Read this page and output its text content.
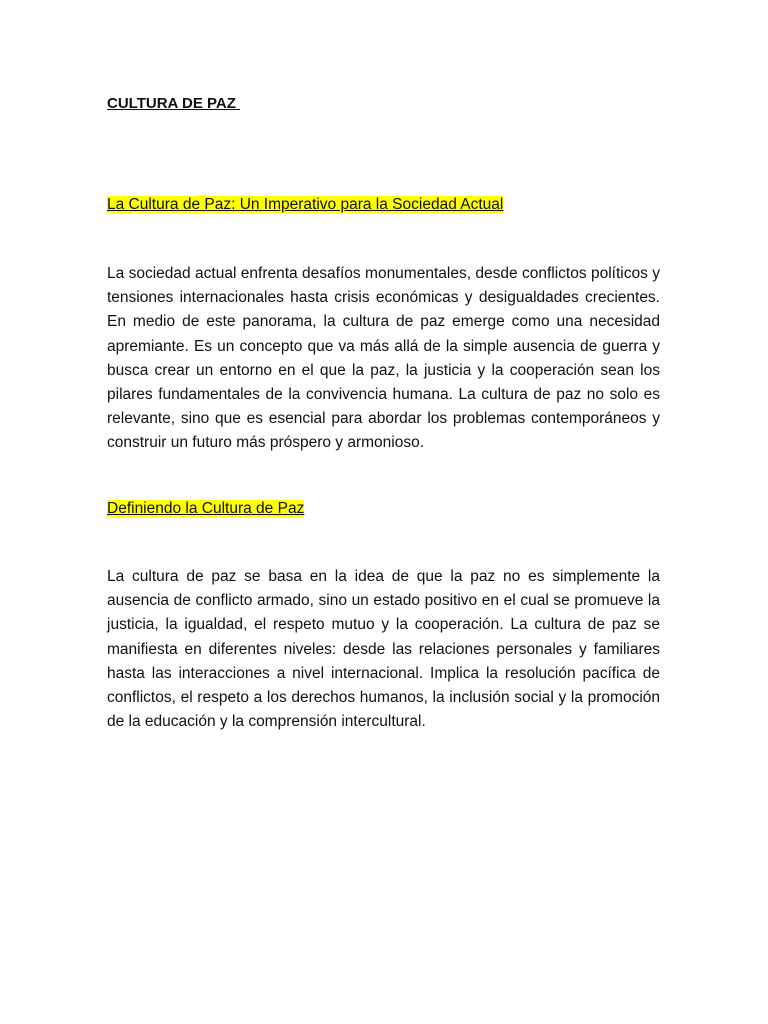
CULTURA DE PAZ
La Cultura de Paz: Un Imperativo para la Sociedad Actual

La sociedad actual enfrenta desafíos monumentales, desde conflictos políticos y tensiones internacionales hasta crisis económicas y desigualdades crecientes. En medio de este panorama, la cultura de paz emerge como una necesidad apremiante. Es un concepto que va más allá de la simple ausencia de guerra y busca crear un entorno en el que la paz, la justicia y la cooperación sean los pilares fundamentales de la convivencia humana. La cultura de paz no solo es relevante, sino que es esencial para abordar los problemas contemporáneos y construir un futuro más próspero y armonioso.

Definiendo la Cultura de Paz

La cultura de paz se basa en la idea de que la paz no es simplemente la ausencia de conflicto armado, sino un estado positivo en el cual se promueve la justicia, la igualdad, el respeto mutuo y la cooperación. La cultura de paz se manifiesta en diferentes niveles: desde las relaciones personales y familiares hasta las interacciones a nivel internacional. Implica la resolución pacífica de conflictos, el respeto a los derechos humanos, la inclusión social y la promoción de la educación y la comprensión intercultural.
